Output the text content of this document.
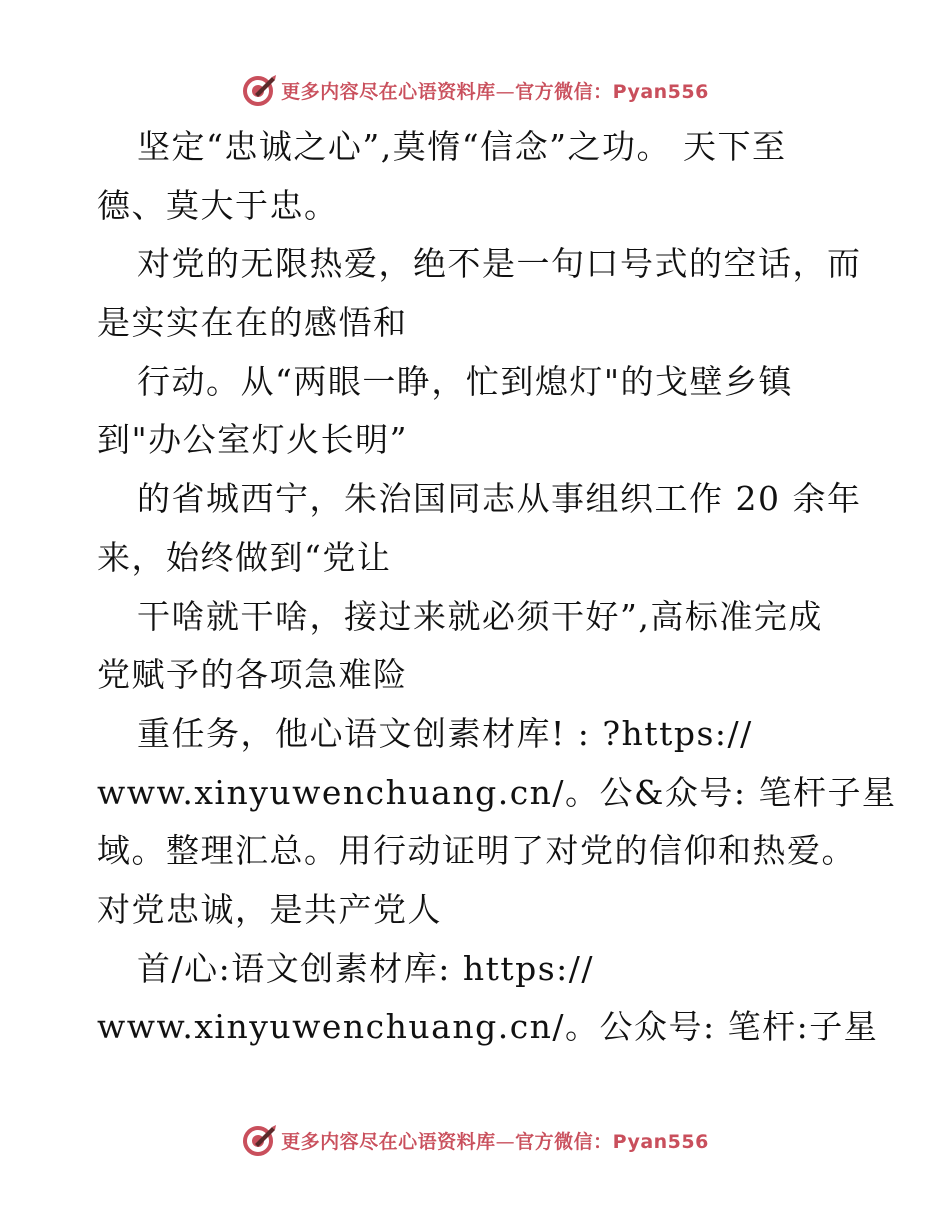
更多内容尽在心语资料库—官方微信：Pyan556
坚定“忠诚之心”,莫惰“信念”之功。 天下至
德、莫大于忠。
对党的无限热爱，绝不是一句口号式的空话，而
是实实在在的感悟和
行动。从“两眼一睁，忙到熄灯"的戈壁乡镇
到"办公室灯火长明”
的省城西宁，朱治国同志从事组织工作 20 余年
来，始终做到“党让
干啥就干啥，接过来就必须干好”,高标准完成
党赋予的各项急难险
重任务，他心语文创素材库! : ?https://
www.xinyuwenchuang.cn/。公&众号: 笔杆子星
域。整理汇总。用行动证明了对党的信仰和热爱。
对党忠诚，是共产党人
首/心:语文创素材库: https://
www.xinyuwenchuang.cn/。公众号: 笔杆:子星
更多内容尽在心语资料库—官方微信：Pyan556
